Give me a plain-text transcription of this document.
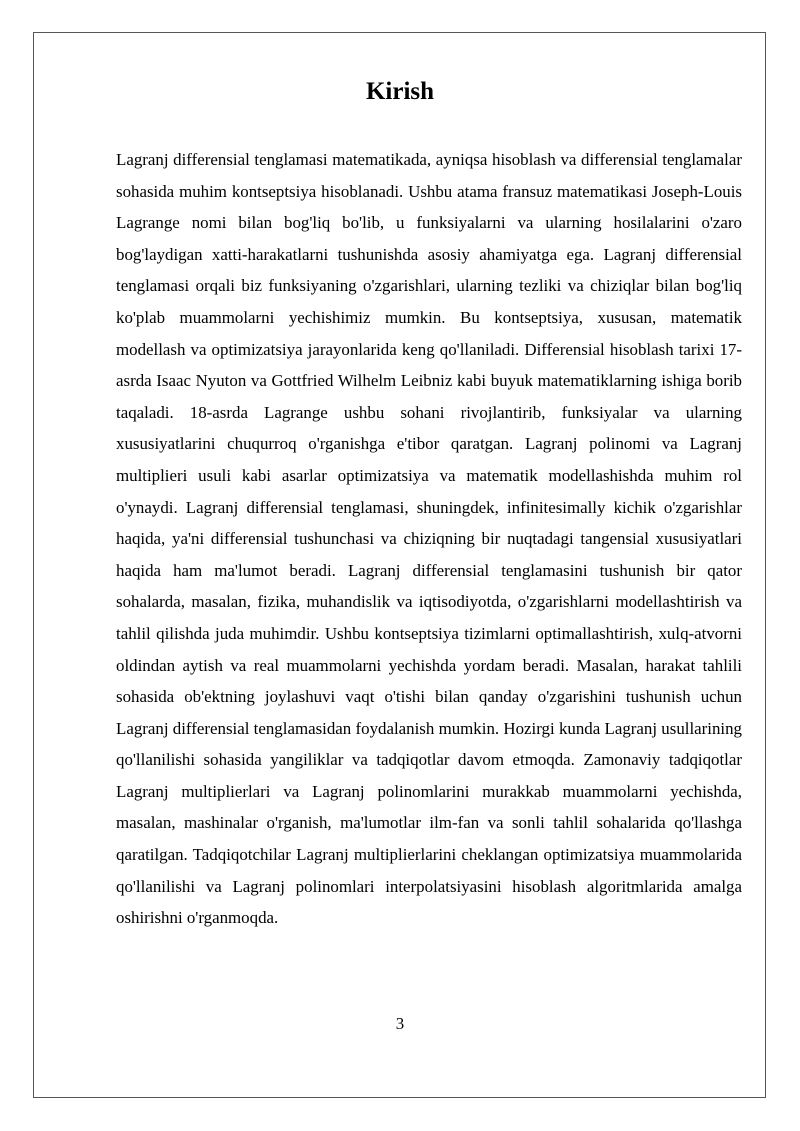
Kirish

Lagranj differensial tenglamasi matematikada, ayniqsa hisoblash va differensial tenglamalar sohasida muhim kontseptsiya hisoblanadi. Ushbu atama fransuz matematikasi Joseph-Louis Lagrange nomi bilan bog'liq bo'lib, u funksiyalarni va ularning hosilalarini o'zaro bog'laydigan xatti-harakatlarni tushunishda asosiy ahamiyatga ega. Lagranj differensial tenglamasi orqali biz funksiyaning o'zgarishlari, ularning tezliki va chiziqlar bilan bog'liq ko'plab muammolarni yechishimiz mumkin. Bu kontseptsiya, xususan, matematik modellash va optimizatsiya jarayonlarida keng qo'llaniladi. Differensial hisoblash tarixi 17-asrda Isaac Nyuton va Gottfried Wilhelm Leibniz kabi buyuk matematiklarning ishiga borib taqaladi. 18-asrda Lagrange ushbu sohani rivojlantirib, funksiyalar va ularning xususiyatlarini chuqurroq o'rganishga e'tibor qaratgan. Lagranj polinomi va Lagranj multiplieri usuli kabi asarlar optimizatsiya va matematik modellashishda muhim rol o'ynaydi. Lagranj differensial tenglamasi, shuningdek, infinitesimally kichik o'zgarishlar haqida, ya'ni differensial tushunchasi va chiziqning bir nuqtadagi tangensial xususiyatlari haqida ham ma'lumot beradi. Lagranj differensial tenglamasini tushunish bir qator sohalarda, masalan, fizika, muhandislik va iqtisodiyotda, o'zgarishlarni modellashtirish va tahlil qilishda juda muhimdir. Ushbu kontseptsiya tizimlarni optimallashtirish, xulq-atvorni oldindan aytish va real muammolarni yechishda yordam beradi. Masalan, harakat tahlili sohasida ob'ektning joylashuvi vaqt o'tishi bilan qanday o'zgarishini tushunish uchun Lagranj differensial tenglamasidan foydalanish mumkin. Hozirgi kunda Lagranj usullarining qo'llanilishi sohasida yangiliklar va tadqiqotlar davom etmoqda. Zamonaviy tadqiqotlar Lagranj multiplierlari va Lagranj polinomlarini murakkab muammolarni yechishda, masalan, mashinalar o'rganish, ma'lumotlar ilm-fan va sonli tahlil sohalarida qo'llashga qaratilgan. Tadqiqotchilar Lagranj multiplierlarini cheklangan optimizatsiya muammolarida qo'llanilishi va Lagranj polinomlari interpolatsiyasini hisoblash algoritmlarida amalga oshirishni o'rganmoqda.

3
